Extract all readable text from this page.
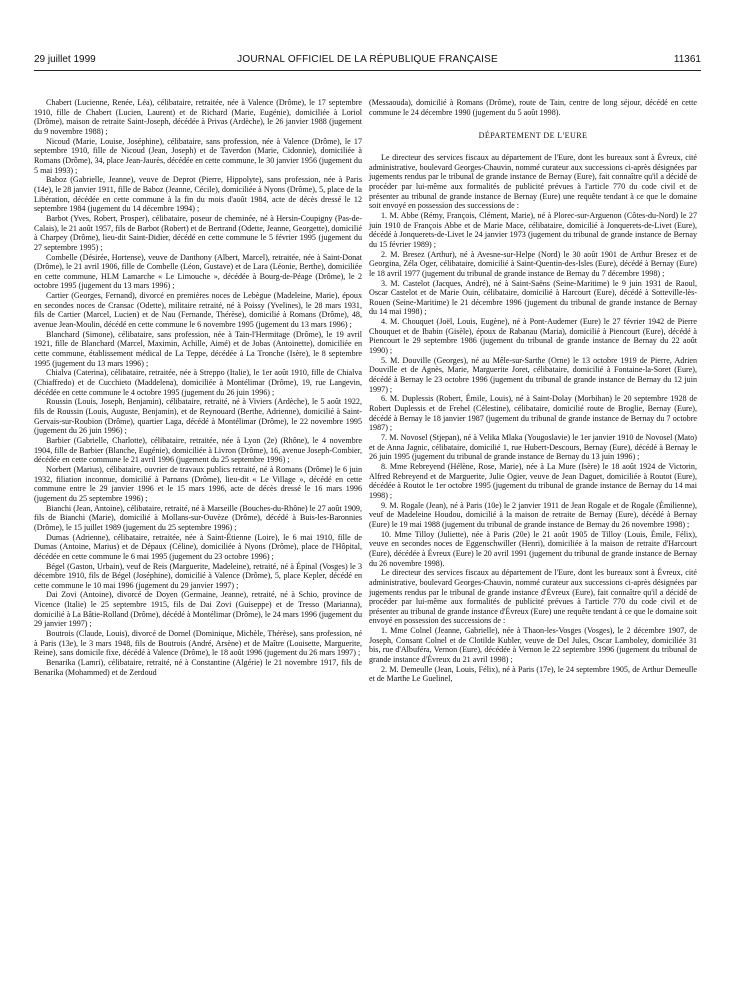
29 juillet 1999	JOURNAL OFFICIEL DE LA RÉPUBLIQUE FRANÇAISE	11361

Chabert (Lucienne, Renée, Léa), célibataire, retraitée, née à Valence (Drôme), le 17 septembre 1910, fille de Chabert (Lucien, Laurent) et de Richard (Marie, Eugénie), domiciliée à Loriol (Drôme), maison de retraite Saint-Joseph, décédée à Privas (Ardèche), le 26 janvier 1988 (jugement du 9 novembre 1988) ;

Nicoud (Marie, Louise, Joséphine), célibataire, sans profession, née à Valence (Drôme), le 17 septembre 1910, fille de Nicoud (Jean, Joseph) et de Taverdon (Marie, Cidonnie), domiciliée à Romans (Drôme), 34, place Jean-Jaurès, décédée en cette commune, le 30 janvier 1956 (jugement du 5 mai 1993) ;

Baboz (Gabrielle, Jeanne), veuve de Deprot (Pierre, Hippolyte), sans profession, née à Paris (14e), le 28 janvier 1911, fille de Baboz (Jeanne, Cécile), domiciliée à Nyons (Drôme), 5, place de la Libération, décédée en cette commune à la fin du mois d'août 1984, acte de décès dressé le 12 septembre 1984 (jugement du 14 décembre 1994) ;

Barbot (Yves, Robert, Prosper), célibataire, poseur de cheminée, né à Hersin-Coupigny (Pas-de-Calais), le 21 août 1957, fils de Barbot (Robert) et de Bertrand (Odette, Jeanne, Georgette), domicilié à Charpey (Drôme), lieu-dit Saint-Didier, décédé en cette commune le 5 février 1995 (jugement du 27 septembre 1995) ;

Combelle (Désirée, Hortense), veuve de Danthony (Albert, Marcel), retraitée, née à Saint-Donat (Drôme), le 21 avril 1906, fille de Combelle (Léon, Gustave) et de Lara (Léonie, Berthe), domiciliée en cette commune, HLM Lamarche « Le Limouche », décédée à Bourg-de-Péage (Drôme), le 2 octobre 1995 (jugement du 13 mars 1996) ;

Cartier (Georges, Fernand), divorcé en premières noces de Lebègue (Madeleine, Marie), époux en secondes noces de Cransac (Odette), militaire retraité, né à Poissy (Yvelines), le 28 mars 1931, fils de Cartier (Marcel, Lucien) et de Nau (Fernande, Thérèse), domicilié à Romans (Drôme), 48, avenue Jean-Moulin, décédé en cette commune le 6 novembre 1995 (jugement du 13 mars 1996) ;

Blanchard (Simone), célibataire, sans profession, née à Tain-l'Hermitage (Drôme), le 19 avril 1921, fille de Blanchard (Marcel, Maximin, Achille, Aimé) et de Jobas (Antoinette), domiciliée en cette commune, établissement médical de La Teppe, décédée à La Tronche (Isère), le 8 septembre 1995 (jugement du 13 mars 1996) ;

Chialva (Caterina), célibataire, retraitée, née à Streppo (Italie), le 1er août 1910, fille de Chialva (Chiaffredo) et de Cucchieto (Maddelena), domiciliée à Montélimar (Drôme), 19, rue Langevin, décédée en cette commune le 4 octobre 1995 (jugement du 26 juin 1996) ;

Roussin (Louis, Joseph, Benjamin), célibataire, retraité, né à Viviers (Ardèche), le 5 août 1922, fils de Roussin (Louis, Auguste, Benjamin), et de Reynouard (Berthe, Adrienne), domicilié à Saint-Gervais-sur-Roubion (Drôme), quartier Laga, décédé à Montélimar (Drôme), le 22 novembre 1995 (jugement du 26 juin 1996) ;

Barbier (Gabrielle, Charlotte), célibataire, retraitée, née à Lyon (2e) (Rhône), le 4 novembre 1904, fille de Barbier (Blanche, Eugénie), domiciliée à Livron (Drôme), 16, avenue Joseph-Combier, décédée en cette commune le 21 avril 1996 (jugement du 25 septembre 1996) ;

Norbert (Marius), célibataire, ouvrier de travaux publics retraité, né à Romans (Drôme) le 6 juin 1932, filiation inconnue, domicilié à Parnans (Drôme), lieu-dit « Le Village », décédé en cette commune entre le 29 janvier 1996 et le 15 mars 1996, acte de décès dressé le 16 mars 1996 (jugement du 25 septembre 1996) ;

Bianchi (Jean, Antoine), célibataire, retraité, né à Marseille (Bouches-du-Rhône) le 27 août 1909, fils de Bianchi (Marie), domicilié à Mollans-sur-Ouvèze (Drôme), décédé à Buis-les-Baronnies (Drôme), le 15 juillet 1989 (jugement du 25 septembre 1996) ;

Dumas (Adrienne), célibataire, retraitée, née à Saint-Étienne (Loire), le 6 mai 1910, fille de Dumas (Antoine, Marius) et de Dépaux (Céline), domiciliée à Nyons (Drôme), place de l'Hôpital, décédée en cette commune le 6 mai 1995 (jugement du 23 octobre 1996) ;

Bégel (Gaston, Urbain), veuf de Reis (Marguerite, Madeleine), retraité, né à Épinal (Vosges) le 3 décembre 1910, fils de Bégel (Joséphine), domicilié à Valence (Drôme), 5, place Kepler, décédé en cette commune le 10 mai 1996 (jugement du 29 janvier 1997) ;

Dai Zovi (Antoine), divorcé de Doyen (Germaine, Jeanne), retraité, né à Schio, province de Vicence (Italie) le 25 septembre 1915, fils de Dai Zovi (Guiseppe) et de Tresso (Marianna), domicilié à La Bâtie-Rolland (Drôme), décédé à Montélimar (Drôme), le 24 mars 1996 (jugement du 29 janvier 1997) ;

Boutrois (Claude, Louis), divorcé de Dornel (Dominique, Michèle, Thérèse), sans profession, né à Paris (13e), le 3 mars 1948, fils de Boutrois (André, Arsène) et de Maître (Louisette, Marguerite, Reine), sans domicile fixe, décédé à Valence (Drôme), le 18 août 1996 (jugement du 26 mars 1997) ;

Benarika (Lamri), célibataire, retraité, né à Constantine (Algérie) le 21 novembre 1917, fils de Benarika (Mohammed) et de Zerdoud

(Messaouda), domicilié à Romans (Drôme), route de Tain, centre de long séjour, décédé en cette commune le 24 décembre 1990 (jugement du 5 août 1998).

DÉPARTEMENT DE L'EURE

Le directeur des services fiscaux au département de l'Eure, dont les bureaux sont à Évreux, cité administrative, boulevard Georges-Chauvin, nommé curateur aux successions ci-après désignées par jugements rendus par le tribunal de grande instance de Bernay (Eure), fait connaître qu'il a décidé de procéder par lui-même aux formalités de publicité prévues à l'article 770 du code civil et de présenter au tribunal de grande instance de Bernay (Eure) une requête tendant à ce que le domaine soit envoyé en possession des successions de :

1. M. Abbe (Rémy, François, Clément, Marie), né à Plorec-sur-Arguenon (Côtes-du-Nord) le 27 juin 1910 de François Abbe et de Marie Mace, célibataire, domicilié à Jonquerets-de-Livet (Eure), décédé à Jonquerets-de-Livet le 24 janvier 1973 (jugement du tribunal de grande instance de Bernay du 15 février 1989) ;

2. M. Bresez (Arthur), né à Avesne-sur-Helpe (Nord) le 30 août 1901 de Arthur Bresez et de Georgina, Zéla Oger, célibataire, domicilié à Saint-Quentin-des-Isles (Eure), décédé à Bernay (Eure) le 18 avril 1977 (jugement du tribunal de grande instance de Bernay du 7 décembre 1998) ;

3. M. Castelot (Jacques, André), né à Saint-Saëns (Seine-Maritime) le 9 juin 1931 de Raoul, Oscar Castelot et de Marie Ouin, célibataire, domicilié à Harcourt (Eure), décédé à Sotteville-lès-Rouen (Seine-Maritime) le 21 décembre 1996 (jugement du tribunal de grande instance de Bernay du 14 mai 1998) ;

4. M. Chouquet (Joël, Louis, Eugène), né à Pont-Audemer (Eure) le 27 février 1942 de Pierre Chouquet et de Ibabin (Gisèle), époux de Rabanau (Maria), domicilié à Piencourt (Eure), décédé à Piencourt le 29 septembre 1986 (jugement du tribunal de grande instance de Bernay du 22 août 1990) ;

5. M. Douville (Georges), né au Mêle-sur-Sarthe (Orne) le 13 octobre 1919 de Pierre, Adrien Douville et de Agnès, Marie, Marguerite Joret, célibataire, domicilié à Fontaine-la-Soret (Eure), décédé à Bernay le 23 octobre 1996 (jugement du tribunal de grande instance de Bernay du 12 juin 1997) ;

6. M. Duplessis (Robert, Émile, Louis), né à Saint-Dolay (Morbihan) le 20 septembre 1928 de Robert Duplessis et de Frehel (Célestine), célibataire, domicilié route de Broglie, Bernay (Eure), décédé à Bernay le 18 janvier 1987 (jugement du tribunal de grande instance de Bernay du 7 octobre 1987) ;

7. M. Novosel (Stjepan), né à Velika Mlaka (Yougoslavie) le 1er janvier 1910 de Novosel (Mato) et de Anna Jagnic, célibataire, domicilié 1, rue Hubert-Descours, Bernay (Eure), décédé à Bernay le 26 juin 1995 (jugement du tribunal de grande instance de Bernay du 13 juin 1996) ;

8. Mme Rebreyend (Hélène, Rose, Marie), née à La Mure (Isère) le 18 août 1924 de Victorin, Alfred Rebreyend et de Marguerite, Julie Ogier, veuve de Jean Daguet, domiciliée à Routot (Eure), décédée à Routot le 1er octobre 1995 (jugement du tribunal de grande instance de Bernay du 14 mai 1998) ;

9. M. Rogale (Jean), né à Paris (10e) le 2 janvier 1911 de Jean Rogale et de Rogale (Émilienne), veuf de Madeleine Houdou, domicilié à la maison de retraite de Bernay (Eure), décédé à Bernay (Eure) le 19 mai 1988 (jugement du tribunal de grande instance de Bernay du 26 novembre 1998) ;

10. Mme Tilloy (Juliette), née à Paris (20e) le 21 août 1905 de Tilloy (Louis, Émile, Félix), veuve en secondes noces de Eggenschwiller (Henri), domiciliée à la maison de retraite d'Harcourt (Eure), décédée à Évreux (Eure) le 20 avril 1991 (jugement du tribunal de grande instance de Bernay du 26 novembre 1998).

Le directeur des services fiscaux au département de l'Eure, dont les bureaux sont à Évreux, cité administrative, boulevard Georges-Chauvin, nommé curateur aux successions ci-après désignées par jugements rendus par le tribunal de grande instance d'Évreux (Eure), fait connaître qu'il a décidé de procéder par lui-même aux formalités de publicité prévues à l'article 770 du code civil et de présenter au tribunal de grande instance d'Évreux (Eure) une requête tendant à ce que le domaine soit envoyé en possession des successions de :

1. Mme Colnel (Jeanne, Gabrielle), née à Thaon-les-Vosges (Vosges), le 2 décembre 1907, de Joseph, Consant Colnel et de Clotilde Kubler, veuve de Del Jules, Oscar Lamboley, domiciliée 31 bis, rue d'Albuféra, Vernon (Eure), décédée à Vernon le 22 septembre 1996 (jugement du tribunal de grande instance d'Évreux du 21 avril 1998) ;

2. M. Demeulle (Jean, Louis, Félix), né à Paris (17e), le 24 septembre 1905, de Arthur Demeulle et de Marthe Le Guelinel,
